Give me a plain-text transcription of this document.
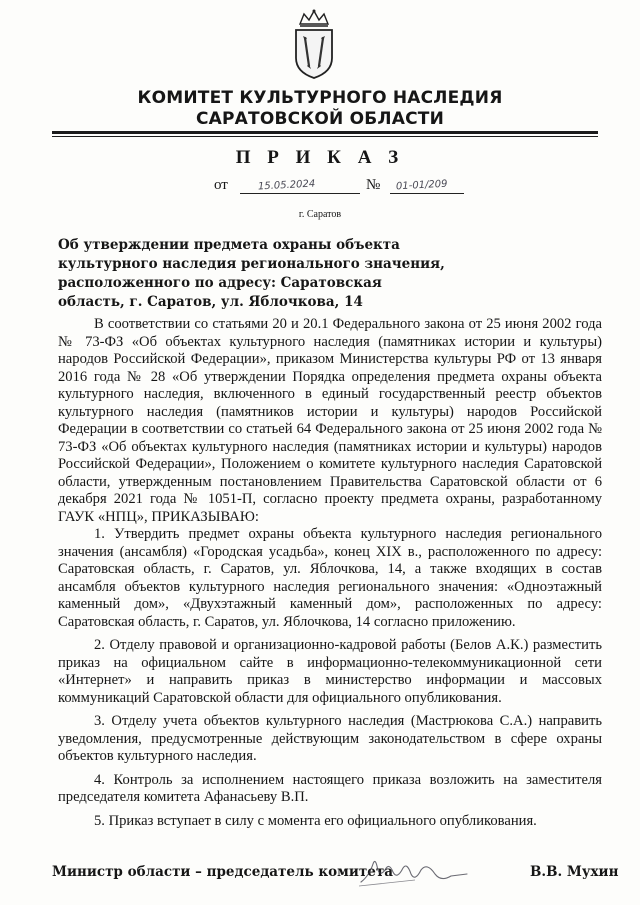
КОМИТЕТ КУЛЬТУРНОГО НАСЛЕДИЯ
САРАТОВСКОЙ ОБЛАСТИ
П Р И К А З
от	15.05.2024	№ 01-01/209
г. Саратов
Об утверждении предмета охраны объекта
культурного наследия регионального значения,
расположенного по адресу: Саратовская
область, г. Саратов, ул. Яблочкова, 14

В соответствии со статьями 20 и 20.1 Федерального закона от 25 июня 2002 года № 73-ФЗ «Об объектах культурного наследия (памятниках истории и культуры) народов Российской Федерации», приказом Министерства культуры РФ от 13 января 2016 года № 28 «Об утверждении Порядка определения предмета охраны объекта культурного наследия, включенного в единый государственный реестр объектов культурного наследия (памятников истории и культуры) народов Российской Федерации в соответствии со статьей 64 Федерального закона от 25 июня 2002 года № 73-ФЗ «Об объектах культурного наследия (памятниках истории и культуры) народов Российской Федерации», Положением о комитете культурного наследия Саратовской области, утвержденным постановлением Правительства Саратовской области от 6 декабря 2021 года № 1051-П, согласно проекту предмета охраны, разработанному ГАУК «НПЦ», ПРИКАЗЫВАЮ:

1. Утвердить предмет охраны объекта культурного наследия регионального значения (ансамбля) «Городская усадьба», конец XIX в., расположенного по адресу: Саратовская область, г. Саратов, ул. Яблочкова, 14, а также входящих в состав ансамбля объектов культурного наследия регионального значения: «Одноэтажный каменный дом», «Двухэтажный каменный дом», расположенных по адресу: Саратовская область, г. Саратов, ул. Яблочкова, 14 согласно приложению.

2. Отделу правовой и организационно-кадровой работы (Белов А.К.) разместить приказ на официальном сайте в информационно-телекоммуникационной сети «Интернет» и направить приказ в министерство информации и массовых коммуникаций Саратовской области для официального опубликования.

3. Отделу учета объектов культурного наследия (Мастрюкова С.А.) направить уведомления, предусмотренные действующим законодательством в сфере охраны объектов культурного наследия.

4. Контроль за исполнением настоящего приказа возложить на заместителя председателя комитета Афанасьеву В.П.

5. Приказ вступает в силу с момента его официального опубликования.

Министр области – председатель комитета	В.В. Мухин
